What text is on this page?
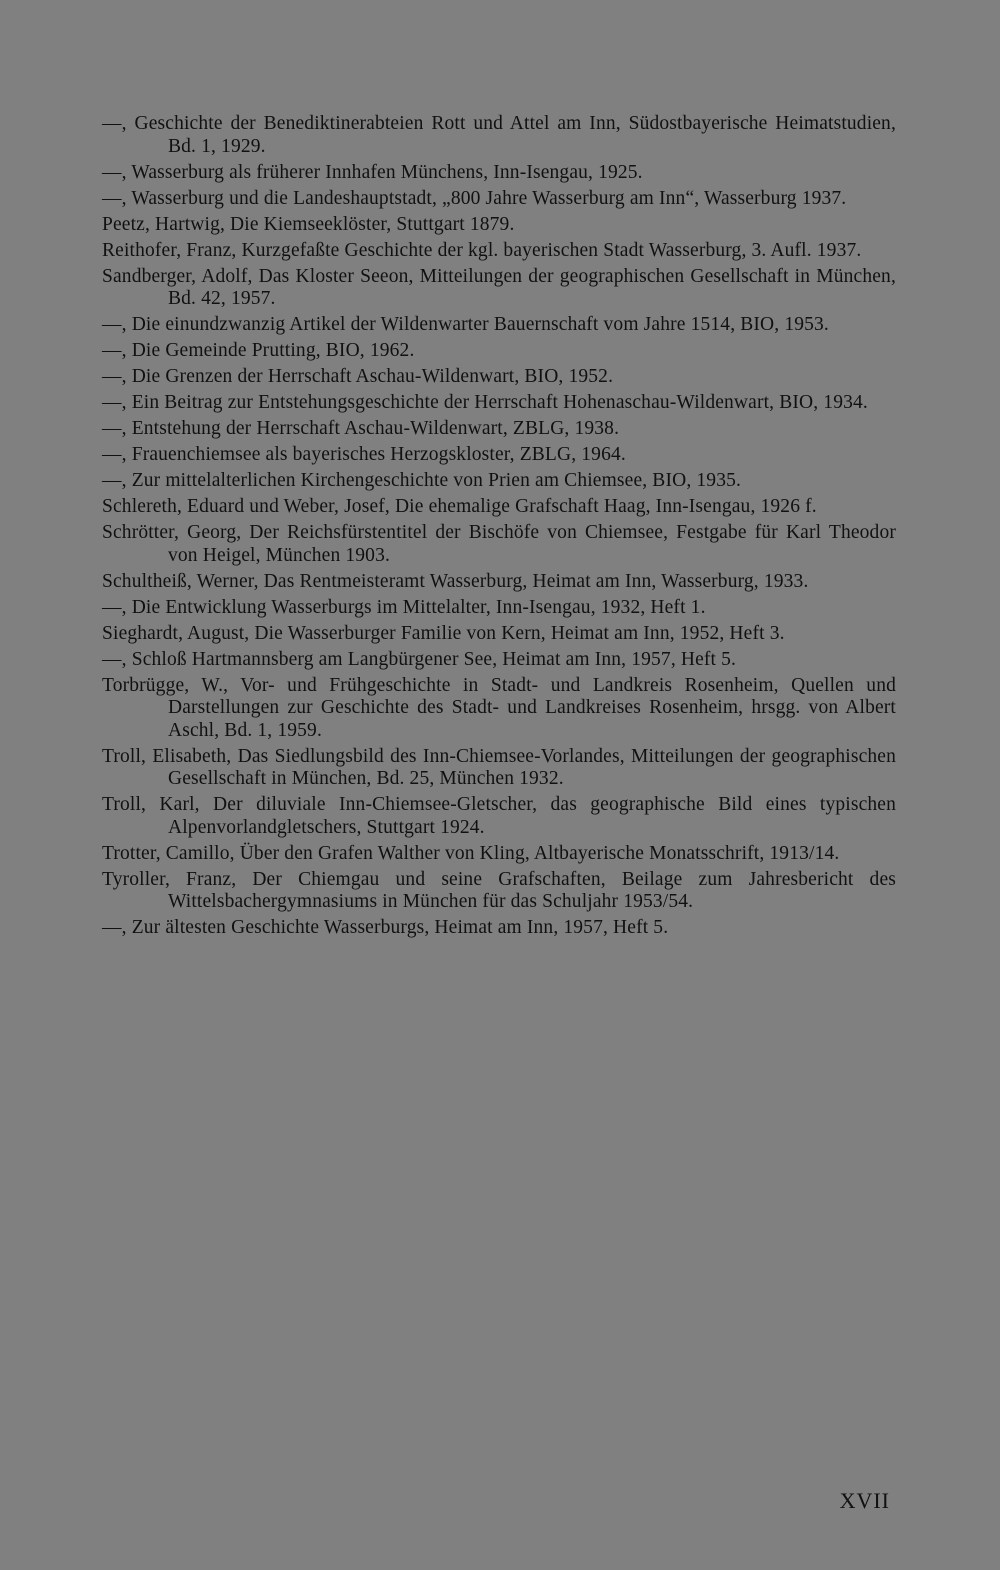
—, Geschichte der Benediktinerabteien Rott und Attel am Inn, Südostbayerische Heimatstudien, Bd. 1, 1929.
—, Wasserburg als früherer Innhafen Münchens, Inn-Isengau, 1925.
—, Wasserburg und die Landeshauptstadt, „800 Jahre Wasserburg am Inn“, Wasserburg 1937.
Peetz, Hartwig, Die Kiemseeklöster, Stuttgart 1879.
Reithofer, Franz, Kurzgefaßte Geschichte der kgl. bayerischen Stadt Wasserburg, 3. Aufl. 1937.
Sandberger, Adolf, Das Kloster Seeon, Mitteilungen der geographischen Gesellschaft in München, Bd. 42, 1957.
—, Die einundzwanzig Artikel der Wildenwarter Bauernschaft vom Jahre 1514, BIO, 1953.
—, Die Gemeinde Prutting, BIO, 1962.
—, Die Grenzen der Herrschaft Aschau-Wildenwart, BIO, 1952.
—, Ein Beitrag zur Entstehungsgeschichte der Herrschaft Hohenaschau-Wildenwart, BIO, 1934.
—, Entstehung der Herrschaft Aschau-Wildenwart, ZBLG, 1938.
—, Frauenchiemsee als bayerisches Herzogskloster, ZBLG, 1964.
—, Zur mittelalterlichen Kirchengeschichte von Prien am Chiemsee, BIO, 1935.
Schlereth, Eduard und Weber, Josef, Die ehemalige Grafschaft Haag, Inn-Isengau, 1926 f.
Schrötter, Georg, Der Reichsfürstentitel der Bischöfe von Chiemsee, Festgabe für Karl Theodor von Heigel, München 1903.
Schultheiß, Werner, Das Rentmeisteramt Wasserburg, Heimat am Inn, Wasserburg, 1933.
—, Die Entwicklung Wasserburgs im Mittelalter, Inn-Isengau, 1932, Heft 1.
Sieghardt, August, Die Wasserburger Familie von Kern, Heimat am Inn, 1952, Heft 3.
—, Schloß Hartmannsberg am Langbürgener See, Heimat am Inn, 1957, Heft 5.
Torbrügge, W., Vor- und Frühgeschichte in Stadt- und Landkreis Rosenheim, Quellen und Darstellungen zur Geschichte des Stadt- und Landkreises Rosenheim, hrsgg. von Albert Aschl, Bd. 1, 1959.
Troll, Elisabeth, Das Siedlungsbild des Inn-Chiemsee-Vorlandes, Mitteilungen der geographischen Gesellschaft in München, Bd. 25, München 1932.
Troll, Karl, Der diluviale Inn-Chiemsee-Gletscher, das geographische Bild eines typischen Alpenvorlandgletschers, Stuttgart 1924.
Trotter, Camillo, Über den Grafen Walther von Kling, Altbayerische Monatsschrift, 1913/14.
Tyroller, Franz, Der Chiemgau und seine Grafschaften, Beilage zum Jahresbericht des Wittelsbachergymnasiums in München für das Schuljahr 1953/54.
—, Zur ältesten Geschichte Wasserburgs, Heimat am Inn, 1957, Heft 5.
XVII
